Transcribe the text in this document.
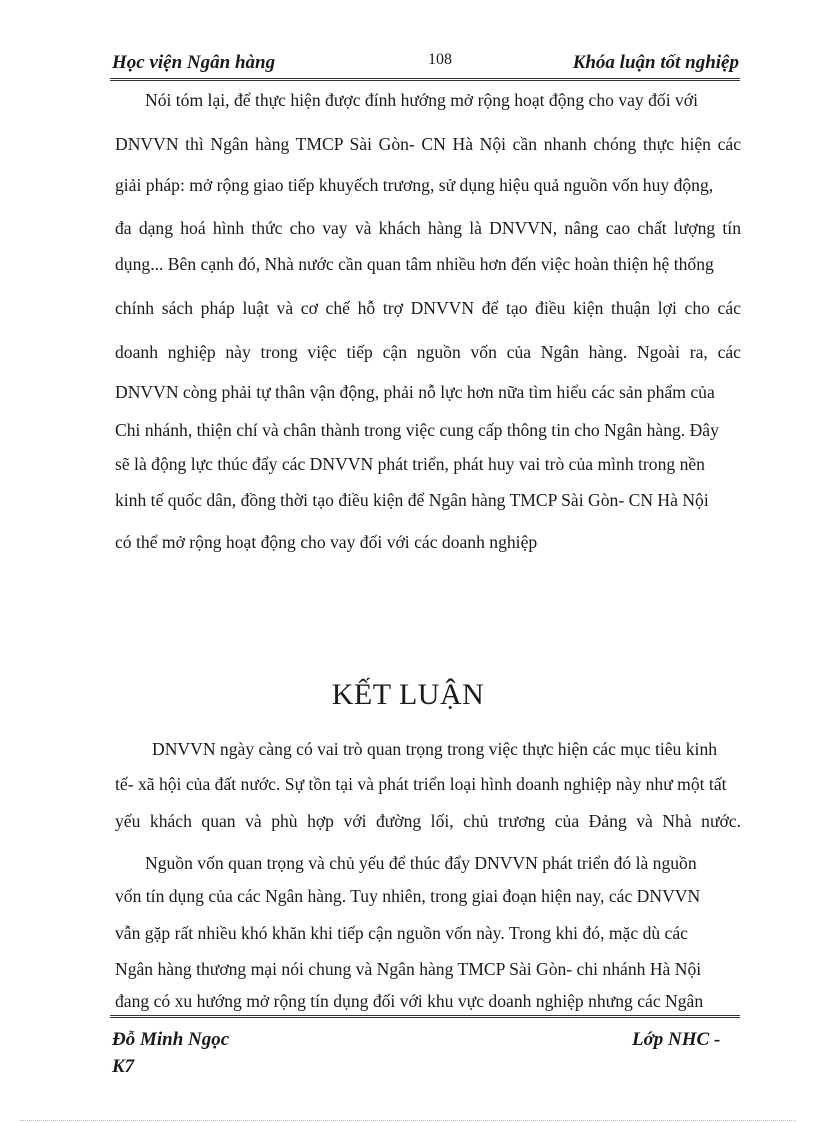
Học viện Ngân hàng	108	Khóa luận tốt nghiệp
Nói tóm lại, để thực hiện được đính hướng mở rộng hoạt động cho vay đối với
DNVVN thì Ngân hàng TMCP Sài Gòn- CN Hà Nội cần nhanh chóng thực hiện các
giải pháp: mở rộng giao tiếp khuyếch trương, sử dụng hiệu quả nguồn vốn huy động,
đa dạng hoá hình thức cho vay và khách hàng là DNVVN, nâng cao chất lượng tín
dụng... Bên cạnh đó, Nhà nước cần quan tâm nhiều hơn đến việc hoàn thiện hệ thống
chính sách pháp luật và cơ chế hỗ trợ DNVVN để tạo điều kiện thuận lợi cho các
doanh nghiệp này trong việc tiếp cận nguồn vốn của Ngân hàng. Ngoài ra, các
DNVVN còng phải tự thân vận động, phải nỗ lực hơn nữa tìm hiểu các sản phẩm của
Chi nhánh, thiện chí và chân thành trong việc cung cấp thông tin cho Ngân hàng. Đây
sẽ là động lực thúc đẩy các DNVVN phát triển, phát huy vai trò của mình trong nền
kinh tế quốc dân, đồng thời tạo điều kiện để Ngân hàng TMCP Sài Gòn- CN Hà Nội
có thể mở rộng hoạt động cho vay đối với các doanh nghiệp
KẾT LUẬN
DNVVN ngày càng có vai trò quan trọng trong việc thực hiện các mục tiêu kinh
tế- xã hội của đất nước. Sự tồn tại và phát triển loại hình doanh nghiệp này như một tất
yếu khách quan và phù hợp với đường lối, chủ trương của Đảng và Nhà nước.
Nguồn vốn quan trọng và chủ yếu để thúc đẩy DNVVN phát triển đó là nguồn
vốn tín dụng của các Ngân hàng. Tuy nhiên, trong giai đoạn hiện nay, các DNVVN
vẫn gặp rất nhiều khó khăn khi tiếp cận nguồn vốn này. Trong khi đó, mặc dù các
Ngân hàng thương mại nói chung và Ngân hàng TMCP Sài Gòn- chi nhánh Hà Nội
đang có xu hướng mở rộng tín dụng đối với khu vực doanh nghiệp nhưng các Ngân
Đỗ Minh Ngọc
K7
Lớp NHC -
